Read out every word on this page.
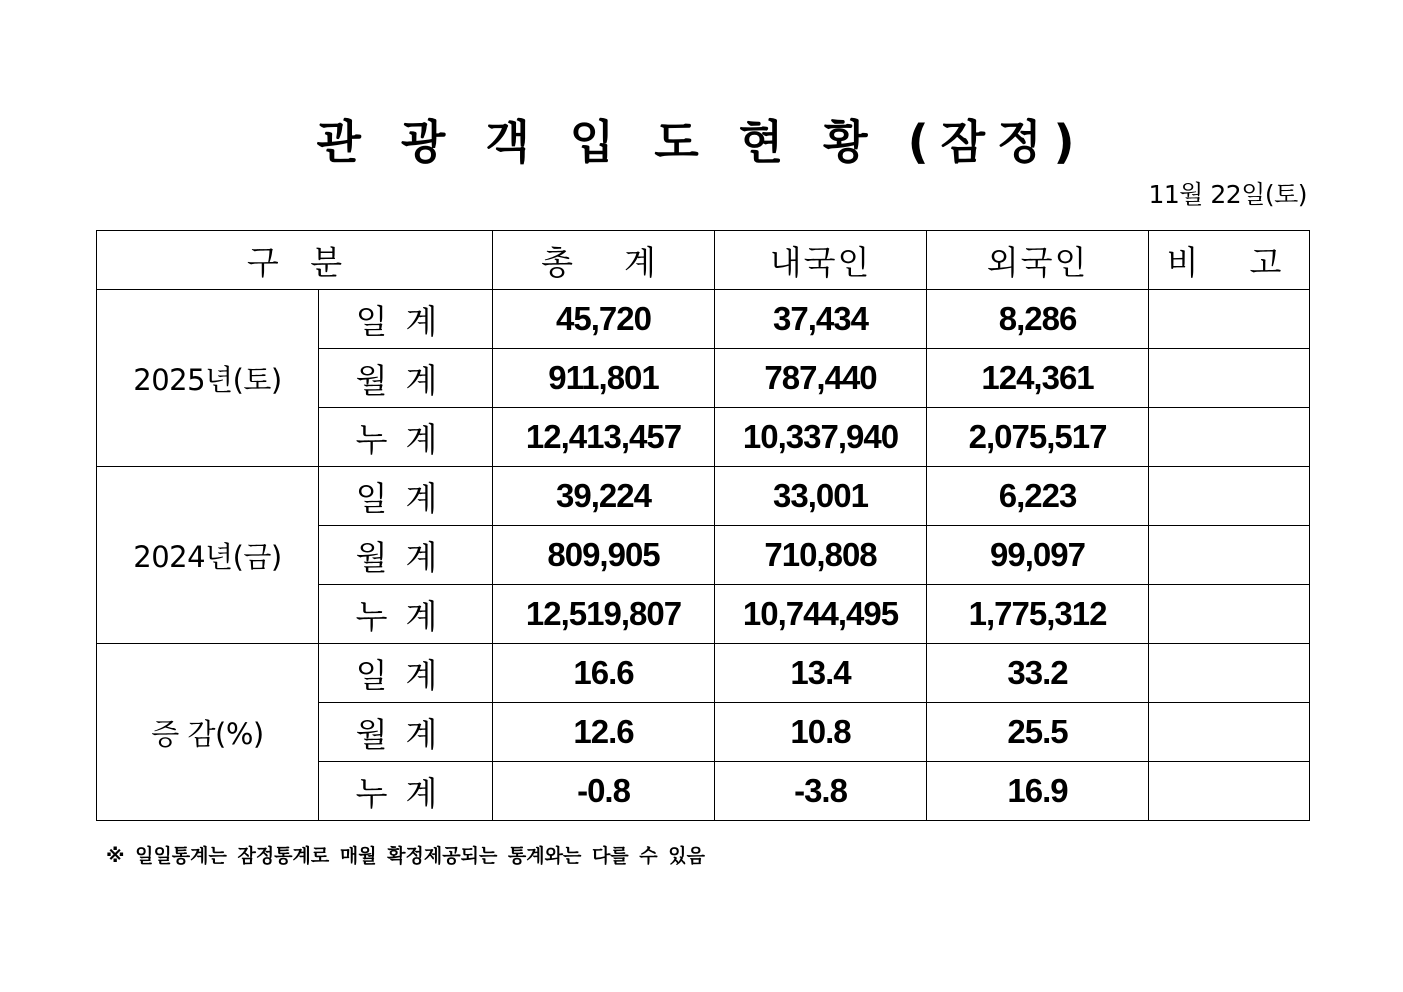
관 광 객 입 도 현 황 (잠정)
11월 22일(토)
구   분		총  계	내국인	외국인	비  고
2025년(토)	일계	45,720	37,434	8,286	
	월계	911,801	787,440	124,361	
	누계	12,413,457	10,337,940	2,075,517	
2024년(금)	일계	39,224	33,001	6,223	
	월계	809,905	710,808	99,097	
	누계	12,519,807	10,744,495	1,775,312	
증 감(%)	일계	16.6	13.4	33.2	
	월계	12.6	10.8	25.5	
	누계	-0.8	-3.8	16.9	
※ 일일통계는 잠정통계로 매월 확정제공되는 통계와는 다를 수 있음
